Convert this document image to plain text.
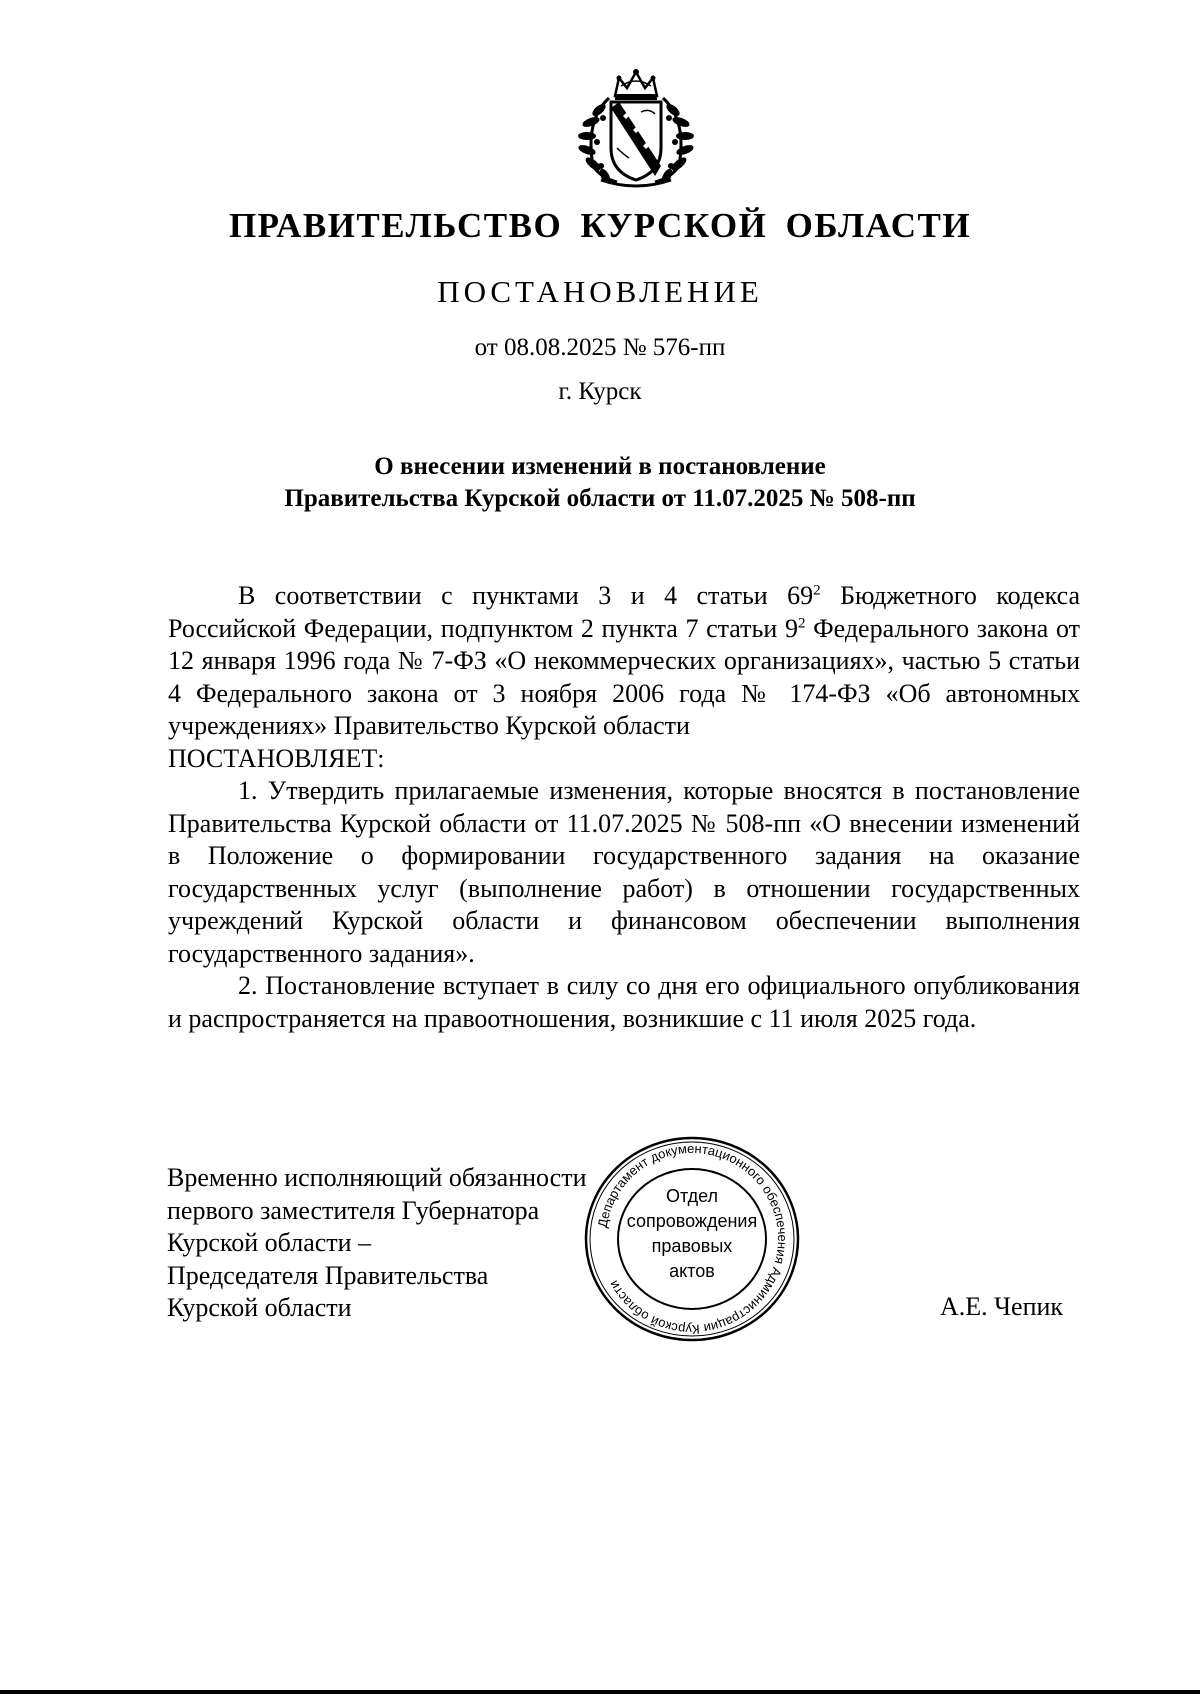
ПРАВИТЕЛЬСТВО КУРСКОЙ ОБЛАСТИ
ПОСТАНОВЛЕНИЕ
от 08.08.2025 № 576-пп
г. Курск
О внесении изменений в постановление
Правительства Курской области от 11.07.2025 № 508-пп

В соответствии с пунктами 3 и 4 статьи $69^2$ Бюджетного кодекса Российской Федерации, подпунктом 2 пункта 7 статьи $9^2$ Федерального закона от 12 января 1996 года № 7-ФЗ «О некоммерческих организациях», частью 5 статьи 4 Федерального закона от 3 ноября 2006 года № 174-ФЗ «Об автономных учреждениях» Правительство Курской области

ПОСТАНОВЛЯЕТ:

1. Утвердить прилагаемые изменения, которые вносятся в постановление Правительства Курской области от 11.07.2025 № 508-пп «О внесении изменений в Положение о формировании государственного задания на оказание государственных услуг (выполнение работ) в отношении государственных учреждений Курской области и финансовом обеспечении выполнения государственного задания».

2. Постановление вступает в силу со дня его официального опубликования и распространяется на правоотношения, возникшие с 11 июля 2025 года.

Временно исполняющий обязанности
первого заместителя Губернатора
Курской области –
Председателя Правительства
Курской области
Департамент документационного обеспечения Администрации Курской области
Отдел
сопровождения
правовых
актов
А.Е. Чепик
